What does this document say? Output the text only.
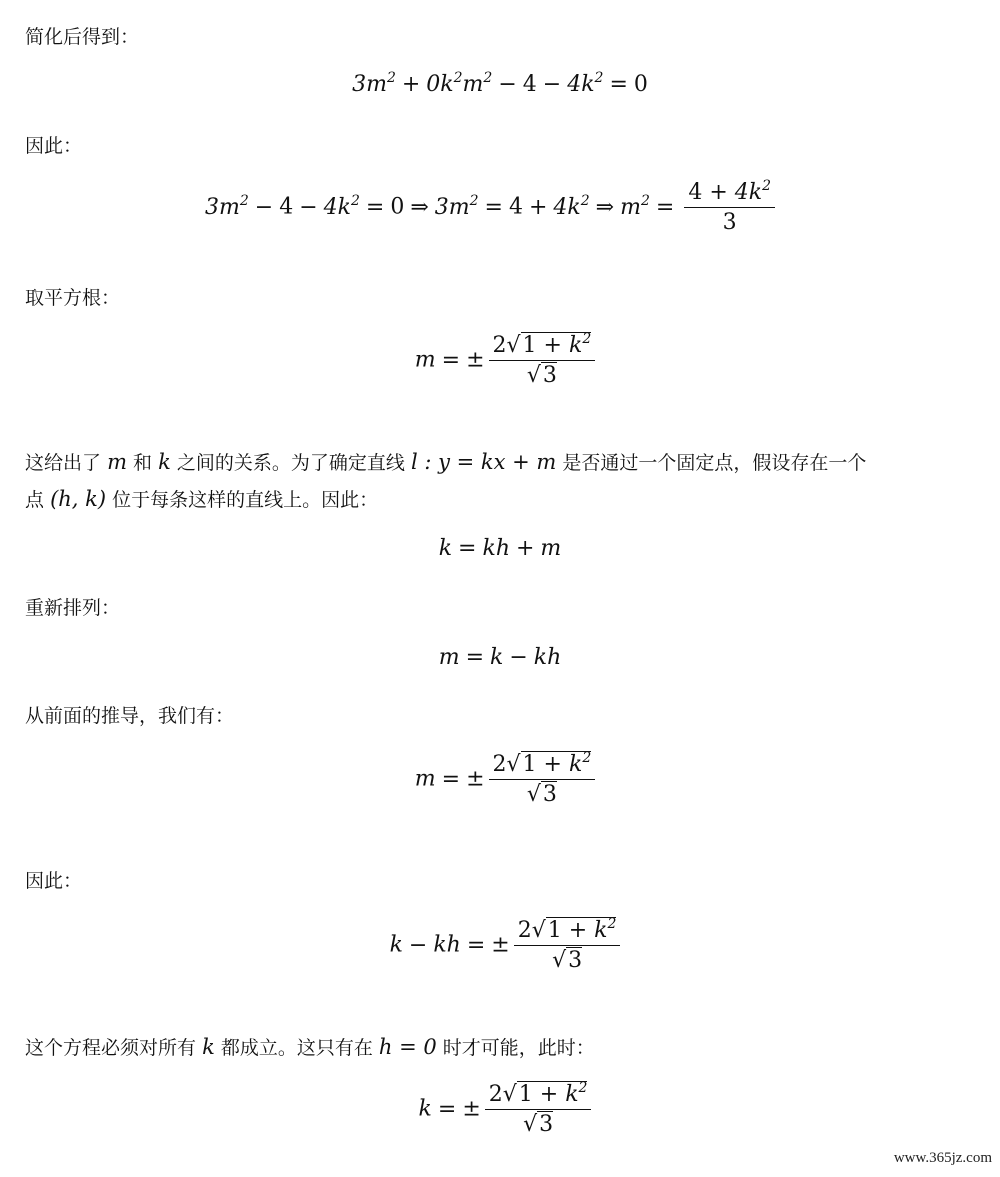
简化后得到：
$3m^2 + 0k^2m^2 - 4 - 4k^2 = 0$
因此：
$3m^2 - 4 - 4k^2 = 0$ ⇒ $3m^2 = 4 + 4k^2$ ⇒ $m^2 = \frac{4 + 4k^2}{3}$
取平方根：
m = ± $\frac{2√1 + k^2}{√3}$
这给出了 m 和 k 之间的关系。为了确定直线 l : y = kx + m 是否通过一个固定点，假设存在一个
点 (h, k) 位于每条这样的直线上。因此：
k = kh + m
重新排列：
m = k − kh
从前面的推导，我们有：
m = ± $\frac{2√1 + k^2}{√3}$
因此：
k − kh = ± $\frac{2√1 + k^2}{√3}$
这个方程必须对所有 k 都成立。这只有在 h = 0 时才可能，此时：
k = ± $\frac{2√1 + k^2}{√3}$
www.365jz.com
